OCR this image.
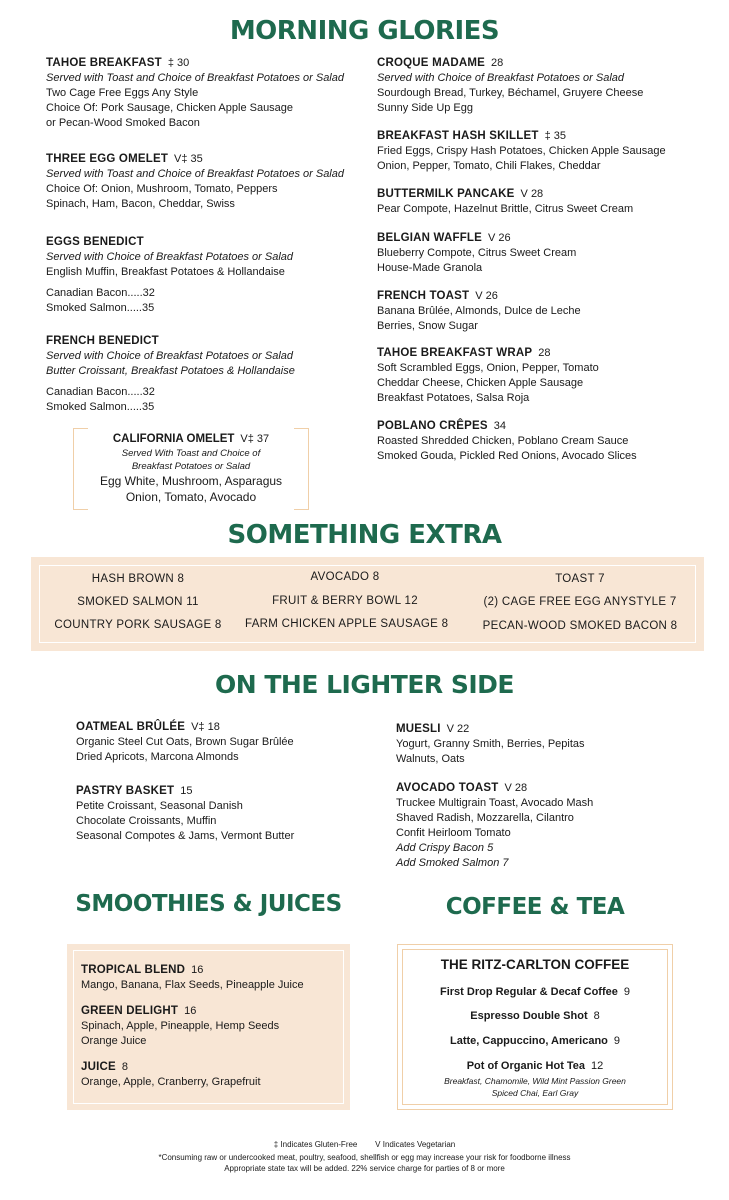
MORNING GLORIES
TAHOE BREAKFAST ‡ 30
Served with Toast and Choice of Breakfast Potatoes or Salad
Two Cage Free Eggs Any Style
Choice Of: Pork Sausage, Chicken Apple Sausage
or Pecan-Wood Smoked Bacon
THREE EGG OMELET V‡ 35
Served with Toast and Choice of Breakfast Potatoes or Salad
Choice Of: Onion, Mushroom, Tomato, Peppers
Spinach, Ham, Bacon, Cheddar, Swiss
EGGS BENEDICT
Served with Choice of Breakfast Potatoes or Salad
English Muffin, Breakfast Potatoes & Hollandaise
Canadian Bacon.....32
Smoked Salmon.....35
FRENCH BENEDICT
Served with Choice of Breakfast Potatoes or Salad
Butter Croissant, Breakfast Potatoes & Hollandaise
Canadian Bacon.....32
Smoked Salmon.....35
CALIFORNIA OMELET V‡ 37
Served With Toast and Choice of
Breakfast Potatoes or Salad
Egg White, Mushroom, Asparagus
Onion, Tomato, Avocado
CROQUE MADAME 28
Served with Choice of Breakfast Potatoes or Salad
Sourdough Bread, Turkey, Béchamel, Gruyere Cheese
Sunny Side Up Egg
BREAKFAST HASH SKILLET ‡ 35
Fried Eggs, Crispy Hash Potatoes, Chicken Apple Sausage
Onion, Pepper, Tomato, Chili Flakes, Cheddar
BUTTERMILK PANCAKE V 28
Pear Compote, Hazelnut Brittle, Citrus Sweet Cream
BELGIAN WAFFLE V 26
Blueberry Compote, Citrus Sweet Cream
House-Made Granola
FRENCH TOAST V 26
Banana Brûlée, Almonds, Dulce de Leche
Berries, Snow Sugar
TAHOE BREAKFAST WRAP 28
Soft Scrambled Eggs, Onion, Pepper, Tomato
Cheddar Cheese, Chicken Apple Sausage
Breakfast Potatoes, Salsa Roja
POBLANO CRÊPES 34
Roasted Shredded Chicken, Poblano Cream Sauce
Smoked Gouda, Pickled Red Onions, Avocado Slices
SOMETHING EXTRA
HASH BROWN 8
SMOKED SALMON 11
COUNTRY PORK SAUSAGE 8
AVOCADO 8
FRUIT & BERRY BOWL 12
FARM CHICKEN APPLE SAUSAGE 8
TOAST 7
(2) CAGE FREE EGG ANYSTYLE 7
PECAN-WOOD SMOKED BACON 8
ON THE LIGHTER SIDE
OATMEAL BRÛLÉE V‡ 18
Organic Steel Cut Oats, Brown Sugar Brûlée
Dried Apricots, Marcona Almonds
PASTRY BASKET 15
Petite Croissant, Seasonal Danish
Chocolate Croissants, Muffin
Seasonal Compotes & Jams, Vermont Butter
MUESLI V 22
Yogurt, Granny Smith, Berries, Pepitas
Walnuts, Oats
AVOCADO TOAST V 28
Truckee Multigrain Toast, Avocado Mash
Shaved Radish, Mozzarella, Cilantro
Confit Heirloom Tomato
Add Crispy Bacon 5
Add Smoked Salmon 7
SMOOTHIES & JUICES
TROPICAL BLEND 16
Mango, Banana, Flax Seeds, Pineapple Juice
GREEN DELIGHT 16
Spinach, Apple, Pineapple, Hemp Seeds
Orange Juice
JUICE 8
Orange, Apple, Cranberry, Grapefruit
COFFEE & TEA
THE RITZ-CARLTON COFFEE
First Drop Regular & Decaf Coffee 9
Espresso Double Shot 8
Latte, Cappuccino, Americano 9
Pot of Organic Hot Tea 12
Breakfast, Chamomile, Wild Mint Passion Green
Spiced Chai, Earl Gray
‡ Indicates Gluten-Free        V Indicates Vegetarian
*Consuming raw or undercooked meat, poultry, seafood, shellfish or egg may increase your risk for foodborne illness
Appropriate state tax will be added. 22% service charge for parties of 8 or more
